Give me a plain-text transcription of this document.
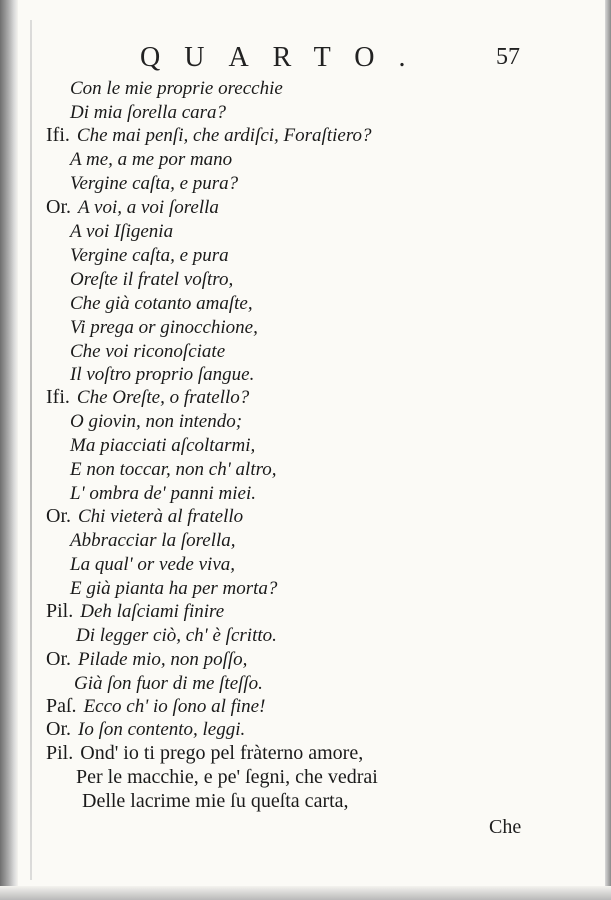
QUARTO.	57
Con le mie proprie orecchie
Di mia ſorella cara?
Ifi. Che mai penſi, che ardiſci, Foraſtiero?
A me, a me por mano
Vergine caſta, e pura?
Or. A voi, a voi ſorella
A voi Iſigenia
Vergine caſta, e pura
Oreſte il fratel voſtro,
Che già cotanto amaſte,
Vi prega or ginocchione,
Che voi riconoſciate
Il voſtro proprio ſangue.
Ifi. Che Oreſte, o fratello?
O giovin, non intendo;
Ma piacciati aſcoltarmi,
E non toccar, non ch' altro,
L' ombra de' panni miei.
Or. Chi vieterà al fratello
Abbracciar la ſorella,
La qual' or vede viva,
E già pianta ha per morta?
Pil. Deh laſciami finire
Di legger ciò, ch' è ſcritto.
Or. Pilade mio, non poſſo,
Già ſon fuor di me ſteſſo.
Paſ. Ecco ch' io ſono al fine!
Or. Io ſon contento, leggi.
Pil. Ond' io ti prego pel fràterno amore,
Per le macchie, e pe' ſegni, che vedrai
Delle lacrime mie ſu queſta carta,
Che
